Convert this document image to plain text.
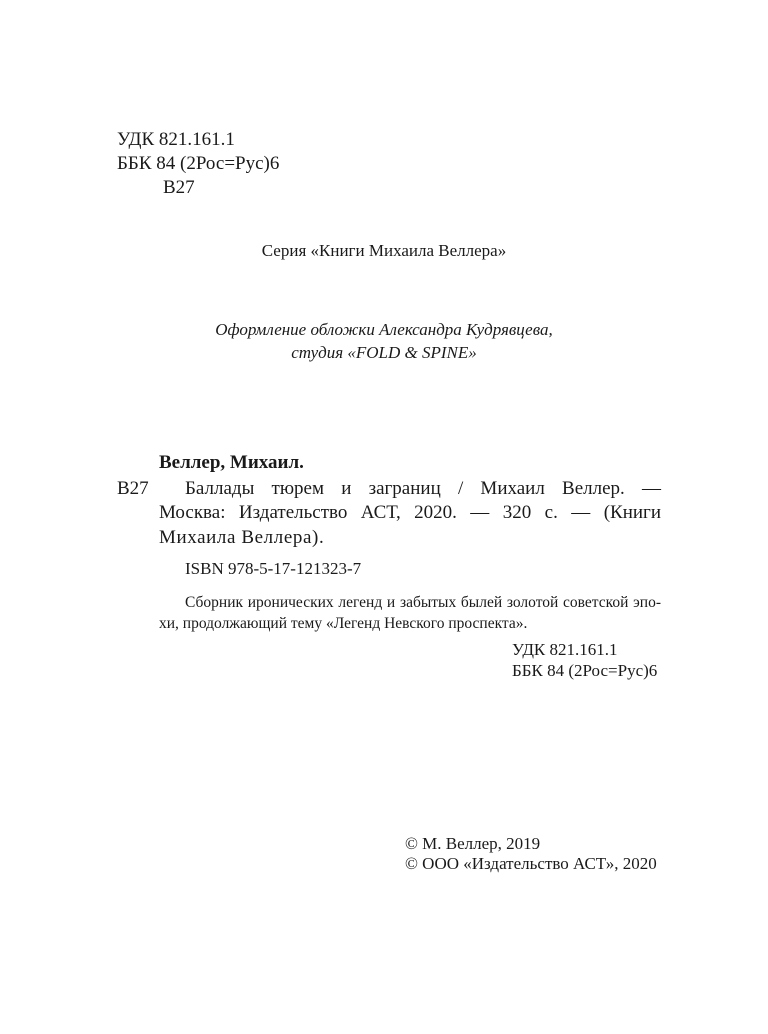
УДК 821.161.1
ББК 84 (2Рос=Рус)6
В27
Серия «Книги Михаила Веллера»
Оформление обложки Александра Кудрявцева,
студия «FOLD & SPINE»
Веллер, Михаил.
В27 Баллады тюрем и заграниц / Михаил Веллер. —
Москва: Издательство АСТ, 2020. — 320 с. — (Книги
Михаила Веллера).
ISBN 978-5-17-121323-7
Сборник иронических легенд и забытых былей золотой советской эпо-
хи, продолжающий тему «Легенд Невского проспекта».
УДК 821.161.1
ББК 84 (2Рос=Рус)6
© М. Веллер, 2019
© ООО «Издательство АСТ», 2020
